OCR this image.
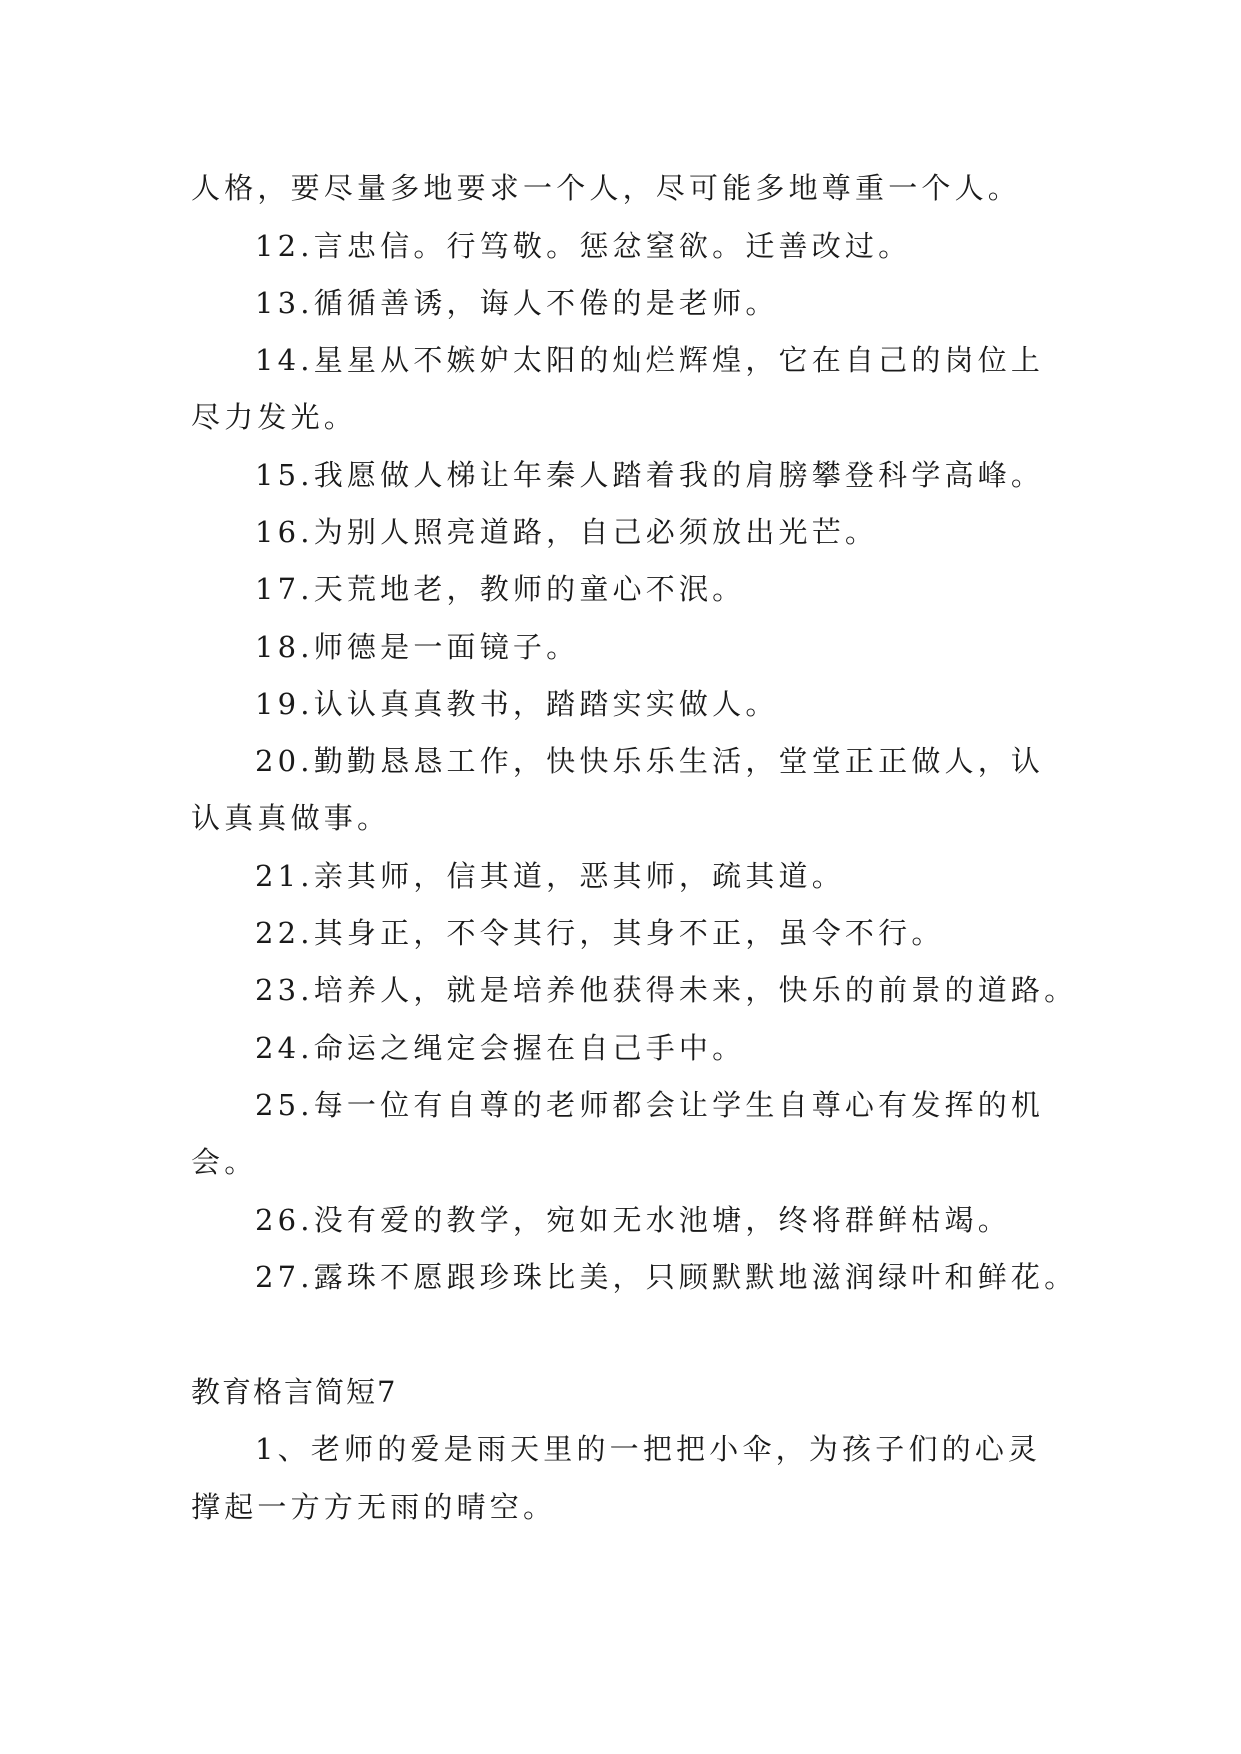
人格，要尽量多地要求一个人，尽可能多地尊重一个人。
12.言忠信。行笃敬。惩忿窒欲。迁善改过。
13.循循善诱，诲人不倦的是老师。
14.星星从不嫉妒太阳的灿烂辉煌，它在自己的岗位上
尽力发光。
15.我愿做人梯让年秦人踏着我的肩膀攀登科学高峰。
16.为别人照亮道路，自己必须放出光芒。
17.天荒地老，教师的童心不泯。
18.师德是一面镜子。
19.认认真真教书，踏踏实实做人。
20.勤勤恳恳工作，快快乐乐生活，堂堂正正做人，认
认真真做事。
21.亲其师，信其道，恶其师，疏其道。
22.其身正，不令其行，其身不正，虽令不行。
23.培养人，就是培养他获得未来，快乐的前景的道路。
24.命运之绳定会握在自己手中。
25.每一位有自尊的老师都会让学生自尊心有发挥的机
会。
26.没有爱的教学，宛如无水池塘，终将群鲜枯竭。
27.露珠不愿跟珍珠比美，只顾默默地滋润绿叶和鲜花。
教育格言简短7
1、老师的爱是雨天里的一把把小伞，为孩子们的心灵
撑起一方方无雨的晴空。
